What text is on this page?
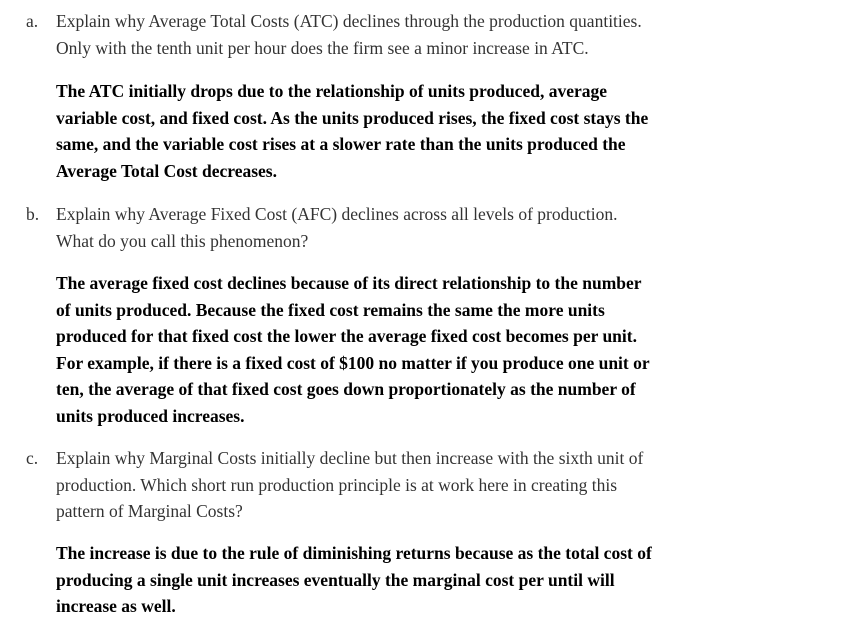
a. Explain why Average Total Costs (ATC) declines through the production quantities.
Only with the tenth unit per hour does the firm see a minor increase in ATC.
The ATC initially drops due to the relationship of units produced, average
variable cost, and fixed cost. As the units produced rises, the fixed cost stays the
same, and the variable cost rises at a slower rate than the units produced the
Average Total Cost decreases.
b. Explain why Average Fixed Cost (AFC) declines across all levels of production.
What do you call this phenomenon?
The average fixed cost declines because of its direct relationship to the number
of units produced. Because the fixed cost remains the same the more units
produced for that fixed cost the lower the average fixed cost becomes per unit.
For example, if there is a fixed cost of $100 no matter if you produce one unit or
ten, the average of that fixed cost goes down proportionately as the number of
units produced increases.
c. Explain why Marginal Costs initially decline but then increase with the sixth unit of
production. Which short run production principle is at work here in creating this
pattern of Marginal Costs?
The increase is due to the rule of diminishing returns because as the total cost of
producing a single unit increases eventually the marginal cost per until will
increase as well.
